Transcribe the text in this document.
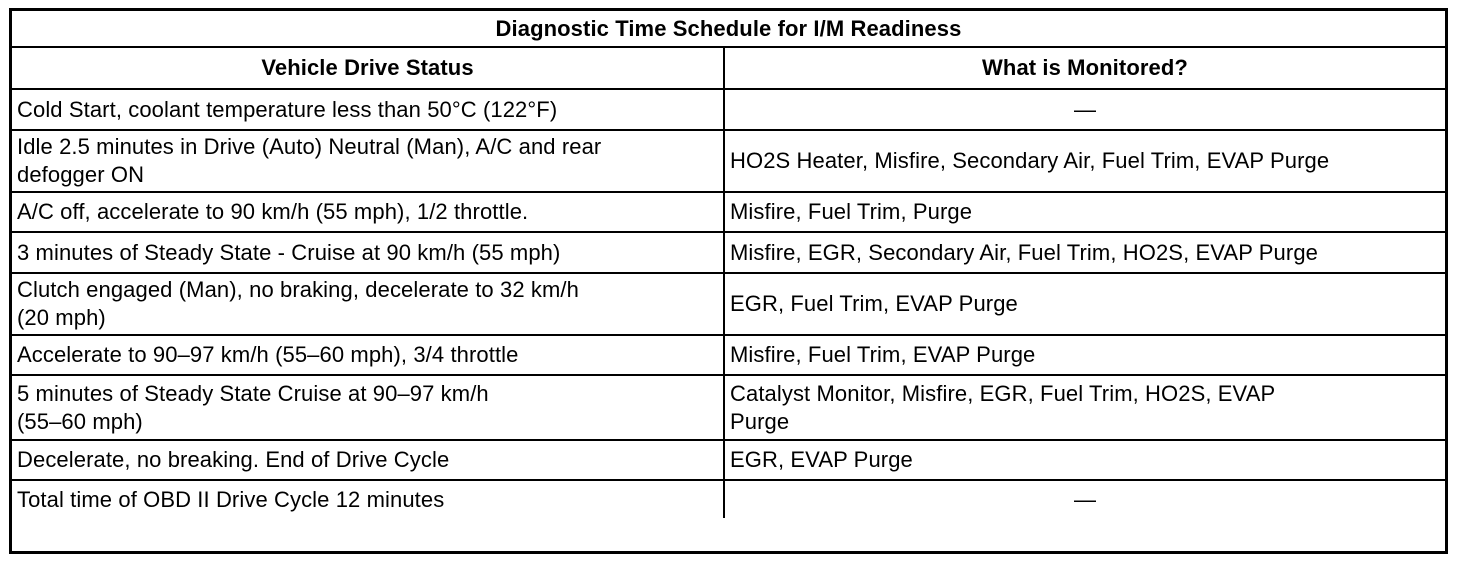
Diagnostic Time Schedule for I/M Readiness	
Vehicle Drive Status	What is Monitored?
Cold Start, coolant temperature less than 50°C (122°F)	—
Idle 2.5 minutes in Drive (Auto) Neutral (Man), A/C and rear
defogger ON	HO2S Heater, Misfire, Secondary Air, Fuel Trim, EVAP Purge
A/C off, accelerate to 90 km/h (55 mph), 1/2 throttle.	Misfire, Fuel Trim, Purge
3 minutes of Steady State - Cruise at 90 km/h (55 mph)	Misfire, EGR, Secondary Air, Fuel Trim, HO2S, EVAP Purge
Clutch engaged (Man), no braking, decelerate to 32 km/h
(20 mph)	EGR, Fuel Trim, EVAP Purge
Accelerate to 90–97 km/h (55–60 mph), 3/4 throttle	Misfire, Fuel Trim, EVAP Purge
5 minutes of Steady State Cruise at 90–97 km/h
(55–60 mph)	Catalyst Monitor, Misfire, EGR, Fuel Trim, HO2S, EVAP
Purge
Decelerate, no breaking. End of Drive Cycle	EGR, EVAP Purge
Total time of OBD II Drive Cycle 12 minutes	—
